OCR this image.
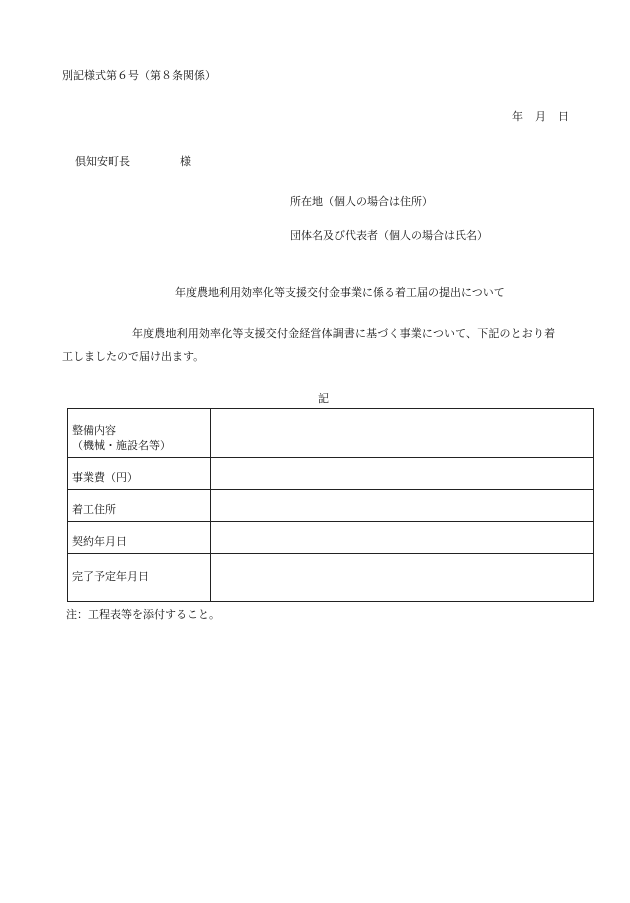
別記様式第６号（第８条関係）
年 月 日
倶知安町長	様
所在地（個人の場合は住所）
団体名及び代表者（個人の場合は氏名）
年度農地利用効率化等支援交付金事業に係る着工届の提出について
年度農地利用効率化等支援交付金経営体調書に基づく事業について、下記のとおり着
工しましたので届け出ます。
記
整備内容
（機械・施設名等）	
事業費（円）	
着工住所	
契約年月日	
完了予定年月日	
注：工程表等を添付すること。
